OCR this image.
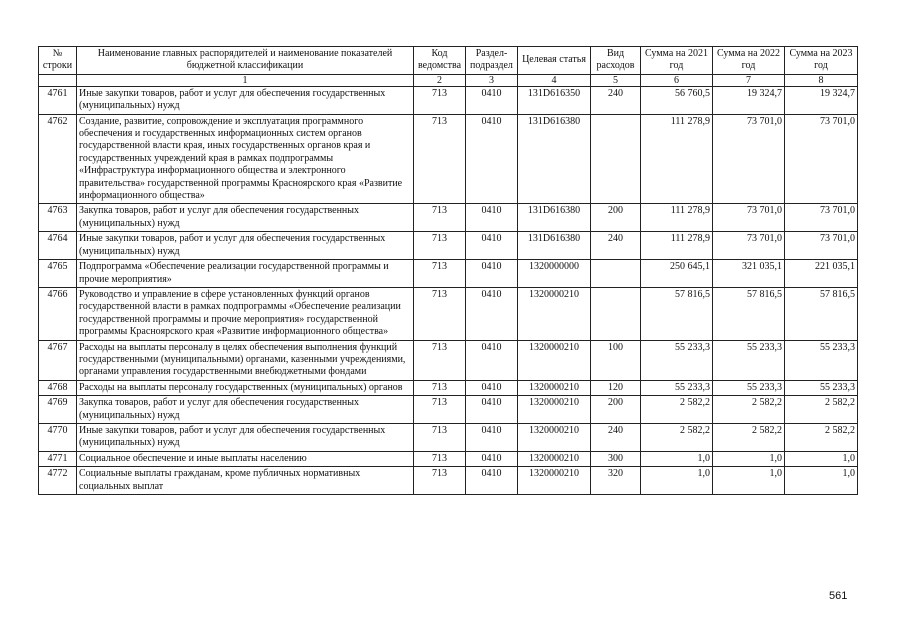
№ строки	Наименование главных распорядителей и наименование показателей бюджетной классификации	Код ведомства	Раздел-подраздел	Целевая статья	Вид расходов	Сумма на 2021 год	Сумма на 2022 год	Сумма на 2023 год
	1	2	3	4	5	6	7	8
4761	Иные закупки товаров, работ и услуг для обеспечения государственных (муниципальных) нужд	713	0410	131D616350	240	56 760,5	19 324,7	19 324,7
4762	Создание, развитие, сопровождение и эксплуатация программного обеспечения и государственных информационных систем органов государственной власти края, иных государственных органов края и государственных учреждений края в рамках подпрограммы «Инфраструктура информационного общества и электронного правительства» государственной программы Красноярского края «Развитие информационного общества»	713	0410	131D616380		111 278,9	73 701,0	73 701,0
4763	Закупка товаров, работ и услуг для обеспечения государственных (муниципальных) нужд	713	0410	131D616380	200	111 278,9	73 701,0	73 701,0
4764	Иные закупки товаров, работ и услуг для обеспечения государственных (муниципальных) нужд	713	0410	131D616380	240	111 278,9	73 701,0	73 701,0
4765	Подпрограмма «Обеспечение реализации государственной программы и прочие мероприятия»	713	0410	1320000000		250 645,1	321 035,1	221 035,1
4766	Руководство и управление в сфере установленных функций органов государственной власти в рамках подпрограммы «Обеспечение реализации государственной программы и прочие мероприятия» государственной программы Красноярского края «Развитие информационного общества»	713	0410	1320000210		57 816,5	57 816,5	57 816,5
4767	Расходы на выплаты персоналу в целях обеспечения выполнения функций государственными (муниципальными) органами, казенными учреждениями, органами управления государственными внебюджетными фондами	713	0410	1320000210	100	55 233,3	55 233,3	55 233,3
4768	Расходы на выплаты персоналу государственных (муниципальных) органов	713	0410	1320000210	120	55 233,3	55 233,3	55 233,3
4769	Закупка товаров, работ и услуг для обеспечения государственных (муниципальных) нужд	713	0410	1320000210	200	2 582,2	2 582,2	2 582,2
4770	Иные закупки товаров, работ и услуг для обеспечения государственных (муниципальных) нужд	713	0410	1320000210	240	2 582,2	2 582,2	2 582,2
4771	Социальное обеспечение и иные выплаты населению	713	0410	1320000210	300	1,0	1,0	1,0
4772	Социальные выплаты гражданам, кроме публичных нормативных социальных выплат	713	0410	1320000210	320	1,0	1,0	1,0
561
